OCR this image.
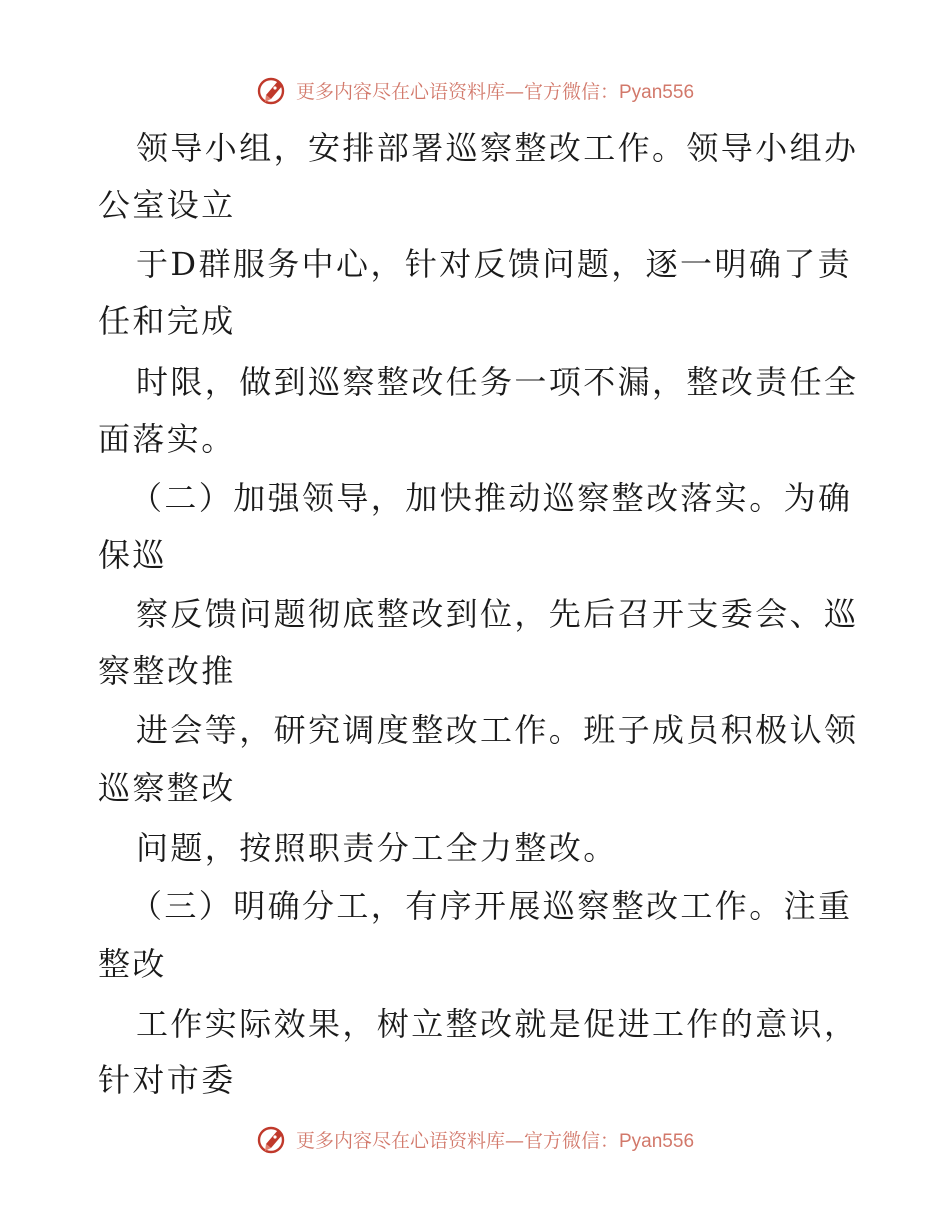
更多内容尽在心语资料库—官方微信：Pyan556
领导小组，安排部署巡察整改工作。领导小组办
公室设立
于D群服务中心，针对反馈问题，逐一明确了责
任和完成
时限，做到巡察整改任务一项不漏，整改责任全
面落实。
（二）加强领导，加快推动巡察整改落实。为确
保巡
察反馈问题彻底整改到位，先后召开支委会、巡
察整改推
进会等，研究调度整改工作。班子成员积极认领
巡察整改
问题，按照职责分工全力整改。
（三）明确分工，有序开展巡察整改工作。注重
整改
工作实际效果，树立整改就是促进工作的意识，
针对市委
更多内容尽在心语资料库—官方微信：Pyan556
